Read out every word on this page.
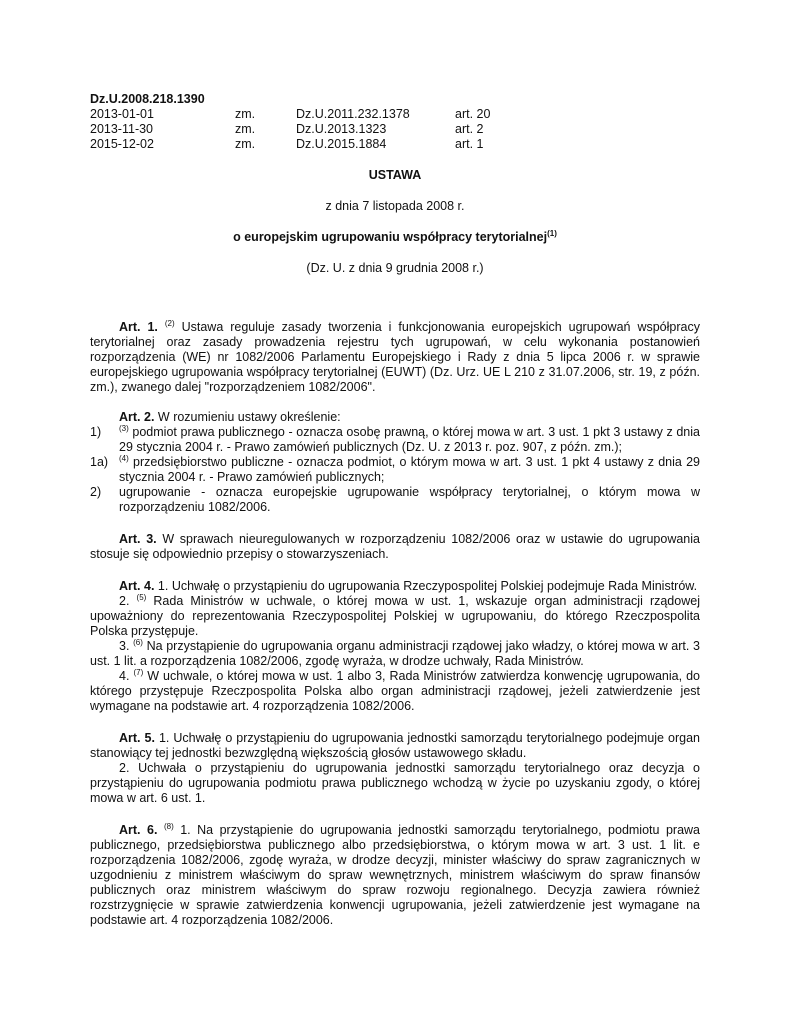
Dz.U.2008.218.1390
2013-01-01	zm.	Dz.U.2011.232.1378	art. 20
2013-11-30	zm.	Dz.U.2013.1323	art. 2
2015-12-02	zm.	Dz.U.2015.1884	art. 1
USTAWA
z dnia 7 listopada 2008 r.
o europejskim ugrupowaniu współpracy terytorialnej$^{(1)}$
(Dz. U. z dnia 9 grudnia 2008 r.)

Art. 1. $^{(2)}$ Ustawa reguluje zasady tworzenia i funkcjonowania europejskich ugrupowań współpracy terytorialnej oraz zasady prowadzenia rejestru tych ugrupowań, w celu wykonania postanowień rozporządzenia (WE) nr 1082/2006 Parlamentu Europejskiego i Rady z dnia 5 lipca 2006 r. w sprawie europejskiego ugrupowania współpracy terytorialnej (EUWT) (Dz. Urz. UE L 210 z 31.07.2006, str. 19, z późn. zm.), zwanego dalej "rozporządzeniem 1082/2006".

Art. 2. W rozumieniu ustawy określenie:

1)	$^{(3)}$ podmiot prawa publicznego - oznacza osobę prawną, o której mowa w art. 3 ust. 1 pkt 3 ustawy z dnia 29 stycznia 2004 r. - Prawo zamówień publicznych (Dz. U. z 2013 r. poz. 907, z późn. zm.);
1a)	$^{(4)}$ przedsiębiorstwo publiczne - oznacza podmiot, o którym mowa w art. 3 ust. 1 pkt 4 ustawy z dnia 29 stycznia 2004 r. - Prawo zamówień publicznych;
2)	ugrupowanie - oznacza europejskie ugrupowanie współpracy terytorialnej, o którym mowa w rozporządzeniu 1082/2006.

Art. 3. W sprawach nieuregulowanych w rozporządzeniu 1082/2006 oraz w ustawie do ugrupowania stosuje się odpowiednio przepisy o stowarzyszeniach.

Art. 4. 1. Uchwałę o przystąpieniu do ugrupowania Rzeczypospolitej Polskiej podejmuje Rada Ministrów.

2. $^{(5)}$ Rada Ministrów w uchwale, o której mowa w ust. 1, wskazuje organ administracji rządowej upoważniony do reprezentowania Rzeczypospolitej Polskiej w ugrupowaniu, do którego Rzeczpospolita Polska przystępuje.

3. $^{(6)}$ Na przystąpienie do ugrupowania organu administracji rządowej jako władzy, o której mowa w art. 3 ust. 1 lit. a rozporządzenia 1082/2006, zgodę wyraża, w drodze uchwały, Rada Ministrów.

4. $^{(7)}$ W uchwale, o której mowa w ust. 1 albo 3, Rada Ministrów zatwierdza konwencję ugrupowania, do którego przystępuje Rzeczpospolita Polska albo organ administracji rządowej, jeżeli zatwierdzenie jest wymagane na podstawie art. 4 rozporządzenia 1082/2006.

Art. 5. 1. Uchwałę o przystąpieniu do ugrupowania jednostki samorządu terytorialnego podejmuje organ stanowiący tej jednostki bezwzględną większością głosów ustawowego składu.

2. Uchwała o przystąpieniu do ugrupowania jednostki samorządu terytorialnego oraz decyzja o przystąpieniu do ugrupowania podmiotu prawa publicznego wchodzą w życie po uzyskaniu zgody, o której mowa w art. 6 ust. 1.

Art. 6. $^{(8)}$ 1. Na przystąpienie do ugrupowania jednostki samorządu terytorialnego, podmiotu prawa publicznego, przedsiębiorstwa publicznego albo przedsiębiorstwa, o którym mowa w art. 3 ust. 1 lit. e rozporządzenia 1082/2006, zgodę wyraża, w drodze decyzji, minister właściwy do spraw zagranicznych w uzgodnieniu z ministrem właściwym do spraw wewnętrznych, ministrem właściwym do spraw finansów publicznych oraz ministrem właściwym do spraw rozwoju regionalnego. Decyzja zawiera również rozstrzygnięcie w sprawie zatwierdzenia konwencji ugrupowania, jeżeli zatwierdzenie jest wymagane na podstawie art. 4 rozporządzenia 1082/2006.
